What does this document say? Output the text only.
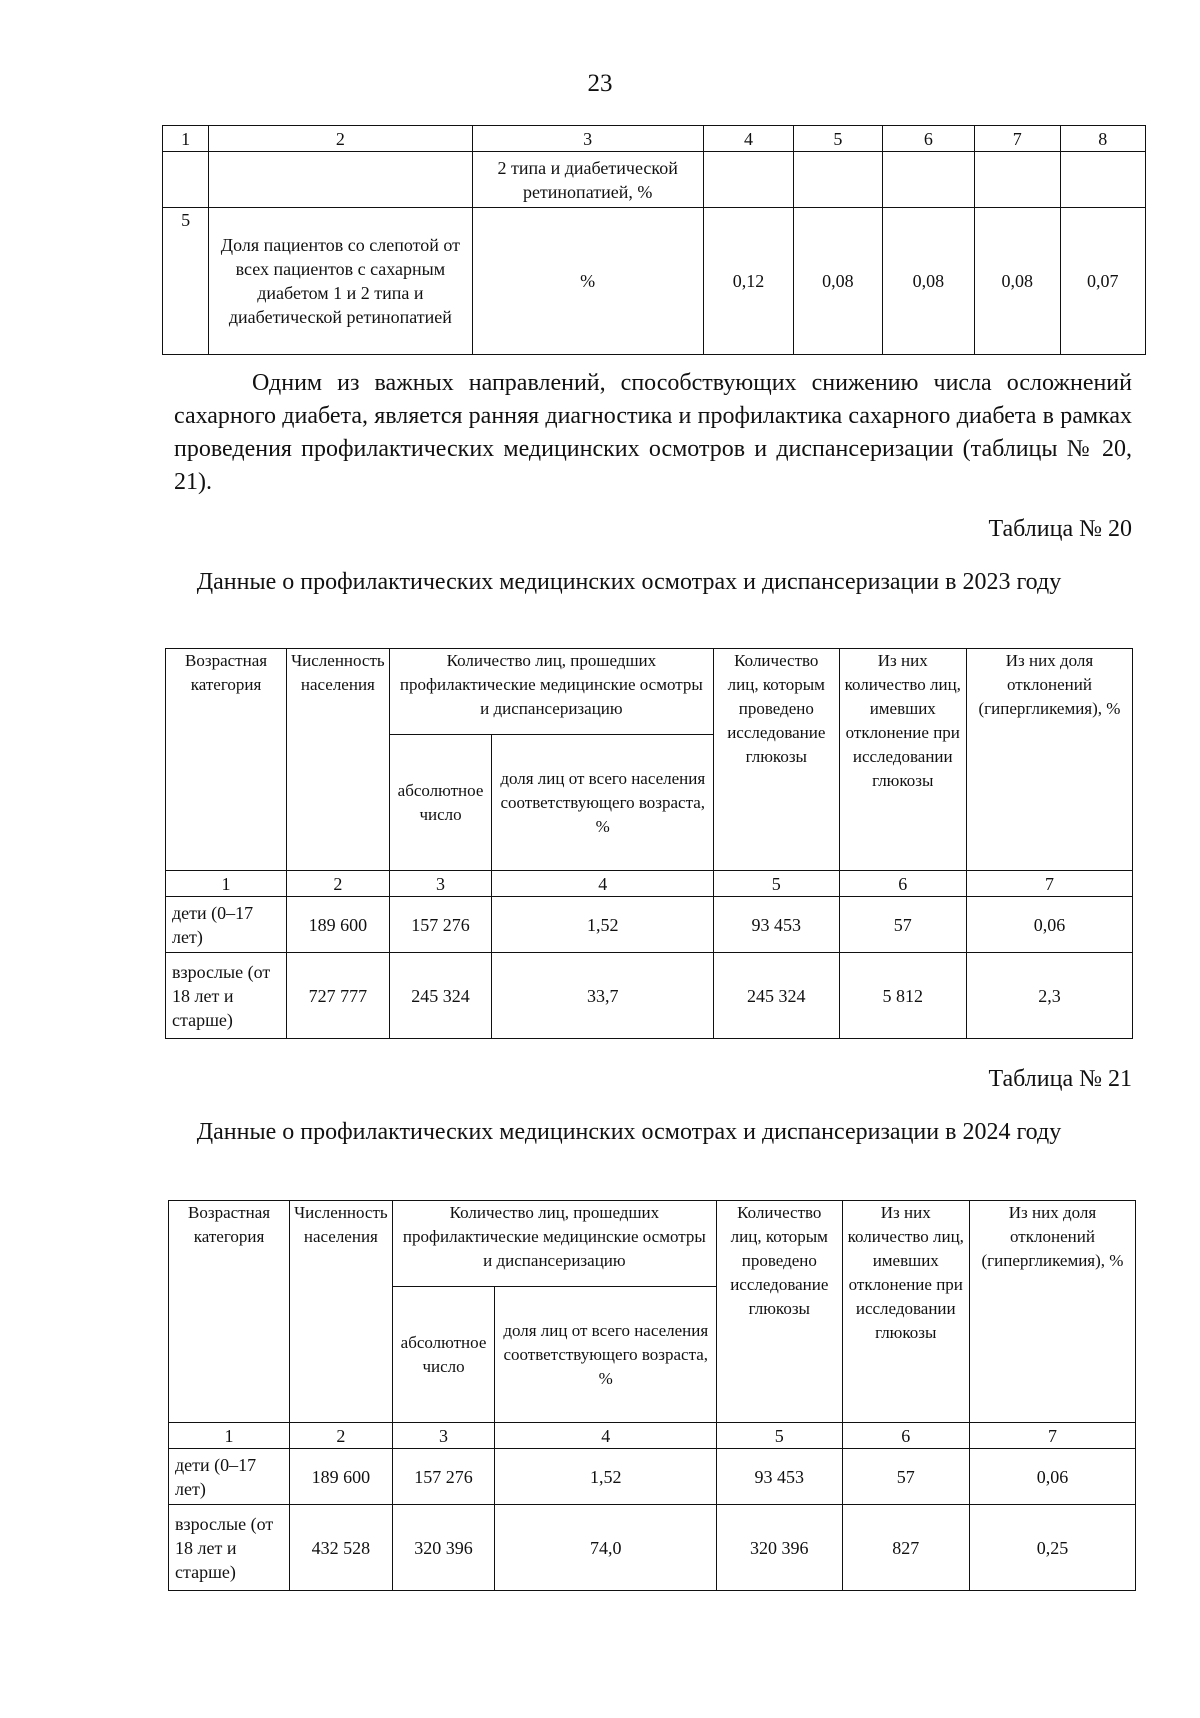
23
1	2	3	4	5	6	7	8
		2 типа и диабетической ретинопатией, %					
5	Доля пациентов со слепотой от всех пациентов с сахарным диабетом 1 и 2 типа и диабетической ретинопатией	%	0,12	0,08	0,08	0,08	0,07

Одним из важных направлений, способствующих снижению числа осложнений сахарного диабета, является ранняя диагностика и профилактика сахарного диабета в рамках проведения профилактических медицинских осмотров и диспансеризации (таблицы № 20, 21).

Таблица № 20
Данные о профилактических медицинских осмотрах и диспансеризации в 2023 году
Возрастная категория	Численность населения	Количество лиц, прошедших профилактические медицинские осмотры и диспансеризацию		Количество лиц, которым проведено исследование глюкозы	Из них количество лиц, имевших отклонение при исследовании глюкозы	Из них доля отклонений (гипергликемия), %
		абсолютное число	доля лиц от всего населения соответствующего возраста, %			
1	2	3	4	5	6	7
дети (0–17 лет)	189 600	157 276	1,52	93 453	57	0,06
взрослые (от 18 лет и старше)	727 777	245 324	33,7	245 324	5 812	2,3
Таблица № 21
Данные о профилактических медицинских осмотрах и диспансеризации в 2024 году
Возрастная категория	Численность населения	Количество лиц, прошедших профилактические медицинские осмотры и диспансеризацию		Количество лиц, которым проведено исследование глюкозы	Из них количество лиц, имевших отклонение при исследовании глюкозы	Из них доля отклонений (гипергликемия), %
		абсолютное число	доля лиц от всего населения соответствующего возраста, %			
1	2	3	4	5	6	7
дети (0–17 лет)	189 600	157 276	1,52	93 453	57	0,06
взрослые (от 18 лет и старше)	432 528	320 396	74,0	320 396	827	0,25
